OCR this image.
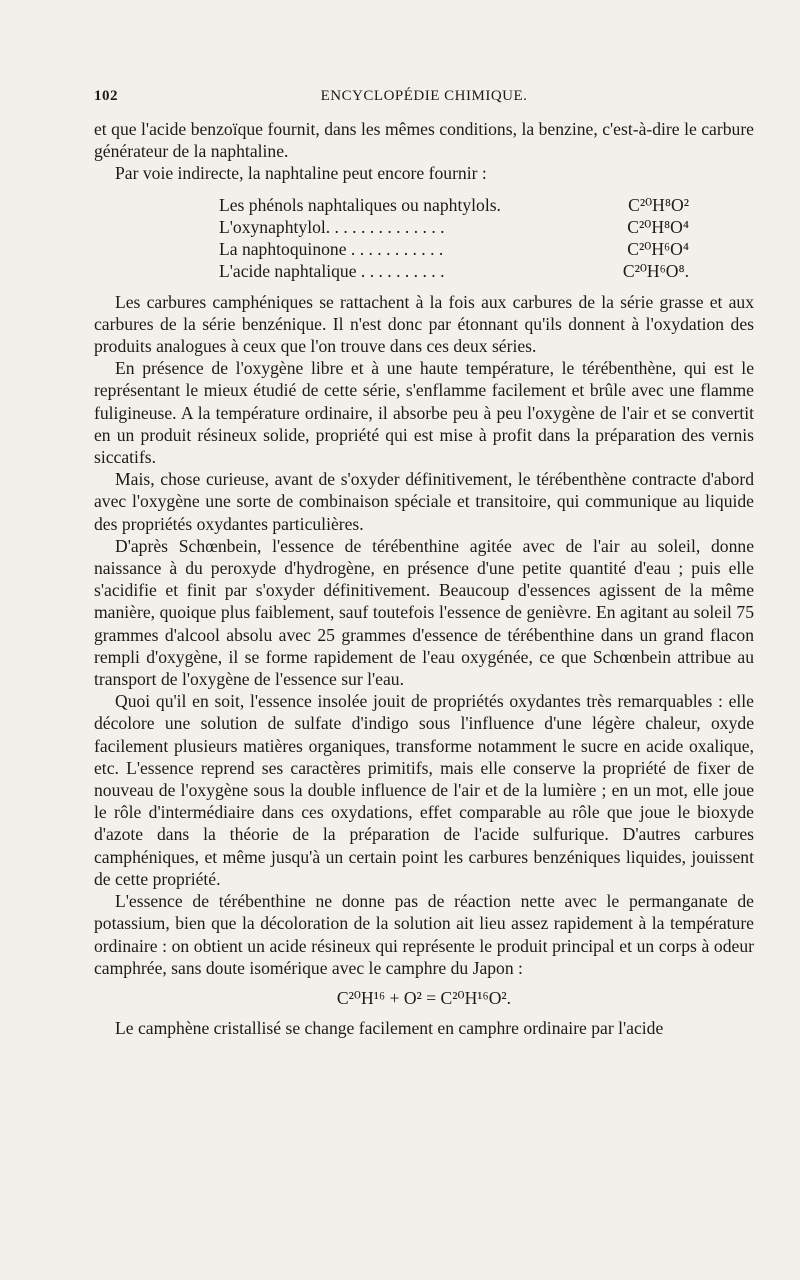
102	ENCYCLOPÉDIE CHIMIQUE.

et que l'acide benzoïque fournit, dans les mêmes conditions, la benzine, c'est-à-dire le carbure générateur de la naphtaline.

Par voie indirecte, la naphtaline peut encore fournir :

Les phénols naphtaliques ou naphtylols.	C²⁰H⁸O²
L'oxynaphtylol. . . . . . . . . . . . . .	C²⁰H⁸O⁴
La naphtoquinone . . . . . . . . . . .	C²⁰H⁶O⁴
L'acide naphtalique . . . . . . . . . .	C²⁰H⁶O⁸.

Les carbures camphéniques se rattachent à la fois aux carbures de la série grasse et aux carbures de la série benzénique. Il n'est donc par étonnant qu'ils donnent à l'oxydation des produits analogues à ceux que l'on trouve dans ces deux séries.

En présence de l'oxygène libre et à une haute température, le térébenthène, qui est le représentant le mieux étudié de cette série, s'enflamme facilement et brûle avec une flamme fuligineuse. A la température ordinaire, il absorbe peu à peu l'oxygène de l'air et se convertit en un produit résineux solide, propriété qui est mise à profit dans la préparation des vernis siccatifs.

Mais, chose curieuse, avant de s'oxyder définitivement, le térébenthène contracte d'abord avec l'oxygène une sorte de combinaison spéciale et transitoire, qui communique au liquide des propriétés oxydantes particulières.

D'après Schœnbein, l'essence de térébenthine agitée avec de l'air au soleil, donne naissance à du peroxyde d'hydrogène, en présence d'une petite quantité d'eau ; puis elle s'acidifie et finit par s'oxyder définitivement. Beaucoup d'essences agissent de la même manière, quoique plus faiblement, sauf toutefois l'essence de genièvre. En agitant au soleil 75 grammes d'alcool absolu avec 25 grammes d'essence de térébenthine dans un grand flacon rempli d'oxygène, il se forme rapidement de l'eau oxygénée, ce que Schœnbein attribue au transport de l'oxygène de l'essence sur l'eau.

Quoi qu'il en soit, l'essence insolée jouit de propriétés oxydantes très remarquables : elle décolore une solution de sulfate d'indigo sous l'influence d'une légère chaleur, oxyde facilement plusieurs matières organiques, transforme notamment le sucre en acide oxalique, etc. L'essence reprend ses caractères primitifs, mais elle conserve la propriété de fixer de nouveau de l'oxygène sous la double influence de l'air et de la lumière ; en un mot, elle joue le rôle d'intermédiaire dans ces oxydations, effet comparable au rôle que joue le bioxyde d'azote dans la théorie de la préparation de l'acide sulfurique. D'autres carbures camphéniques, et même jusqu'à un certain point les carbures benzéniques liquides, jouissent de cette propriété.

L'essence de térébenthine ne donne pas de réaction nette avec le permanganate de potassium, bien que la décoloration de la solution ait lieu assez rapidement à la température ordinaire : on obtient un acide résineux qui représente le produit principal et un corps à odeur camphrée, sans doute isomérique avec le camphre du Japon :

C²⁰H¹⁶ + O² = C²⁰H¹⁶O².

Le camphène cristallisé se change facilement en camphre ordinaire par l'acide
